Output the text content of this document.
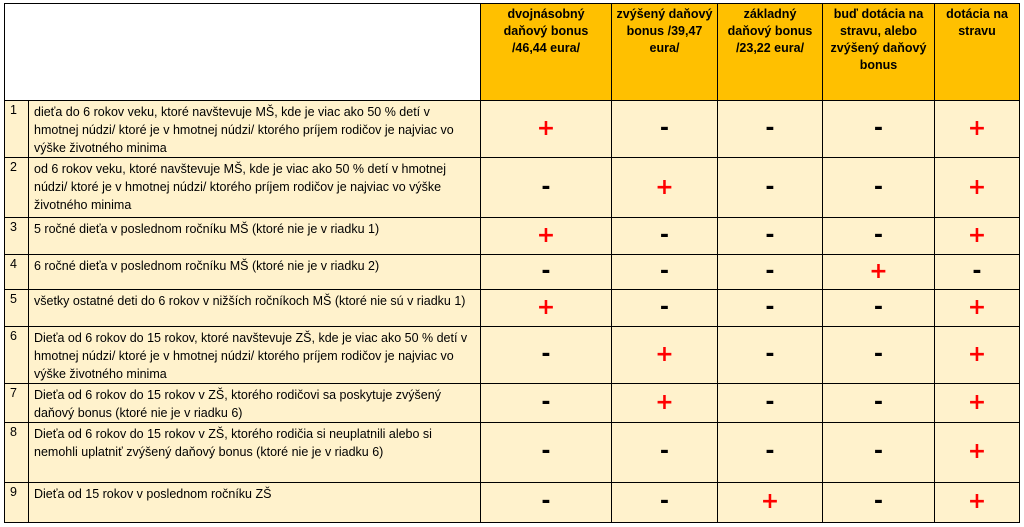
		dvojnásobný daňový bonus /46,44 eura/	zvýšený daňový bonus /39,47 eura/	základný daňový bonus /23,22 eura/	buď dotácia na stravu, alebo zvýšený daňový bonus	dotácia na stravu

1	dieťa do 6 rokov veku, ktoré navštevuje MŠ, kde je viac ako 50 % detí v hmotnej núdzi/ ktoré je v hmotnej núdzi/ ktorého príjem rodičov je najviac vo výške životného minima	+	-	-	-	+
2	od 6 rokov veku, ktoré navštevuje MŠ, kde je viac ako 50 % detí v hmotnej núdzi/ ktoré je v hmotnej núdzi/ ktorého príjem rodičov je najviac vo výške životného minima	-	+	-	-	+
3	5 ročné dieťa v poslednom ročníku MŠ (ktoré nie je v riadku 1)	+	-	-	-	+
4	6 ročné dieťa v poslednom ročníku MŠ (ktoré nie je v riadku 2)	-	-	-	+	-
5	všetky ostatné deti do 6 rokov v nižších ročníkoch MŠ (ktoré nie sú v riadku 1)	+	-	-	-	+
6	Dieťa od 6 rokov do 15 rokov, ktoré navštevuje ZŠ, kde je viac ako 50 % detí v hmotnej núdzi/ ktoré je v hmotnej núdzi/ ktorého príjem rodičov je najviac vo výške životného minima	-	+	-	-	+
7	Dieťa od 6 rokov do 15 rokov v ZŠ, ktorého rodičovi sa poskytuje zvýšený daňový bonus (ktoré nie je v riadku 6)	-	+	-	-	+
8	Dieťa od 6 rokov do 15 rokov v ZŠ, ktorého rodičia si neuplatnili alebo si nemohli uplatniť zvýšený daňový bonus (ktoré nie je v riadku 6)	-	-	-	-	+
9	Dieťa od 15 rokov v poslednom ročníku ZŠ	-	-	+	-	+
